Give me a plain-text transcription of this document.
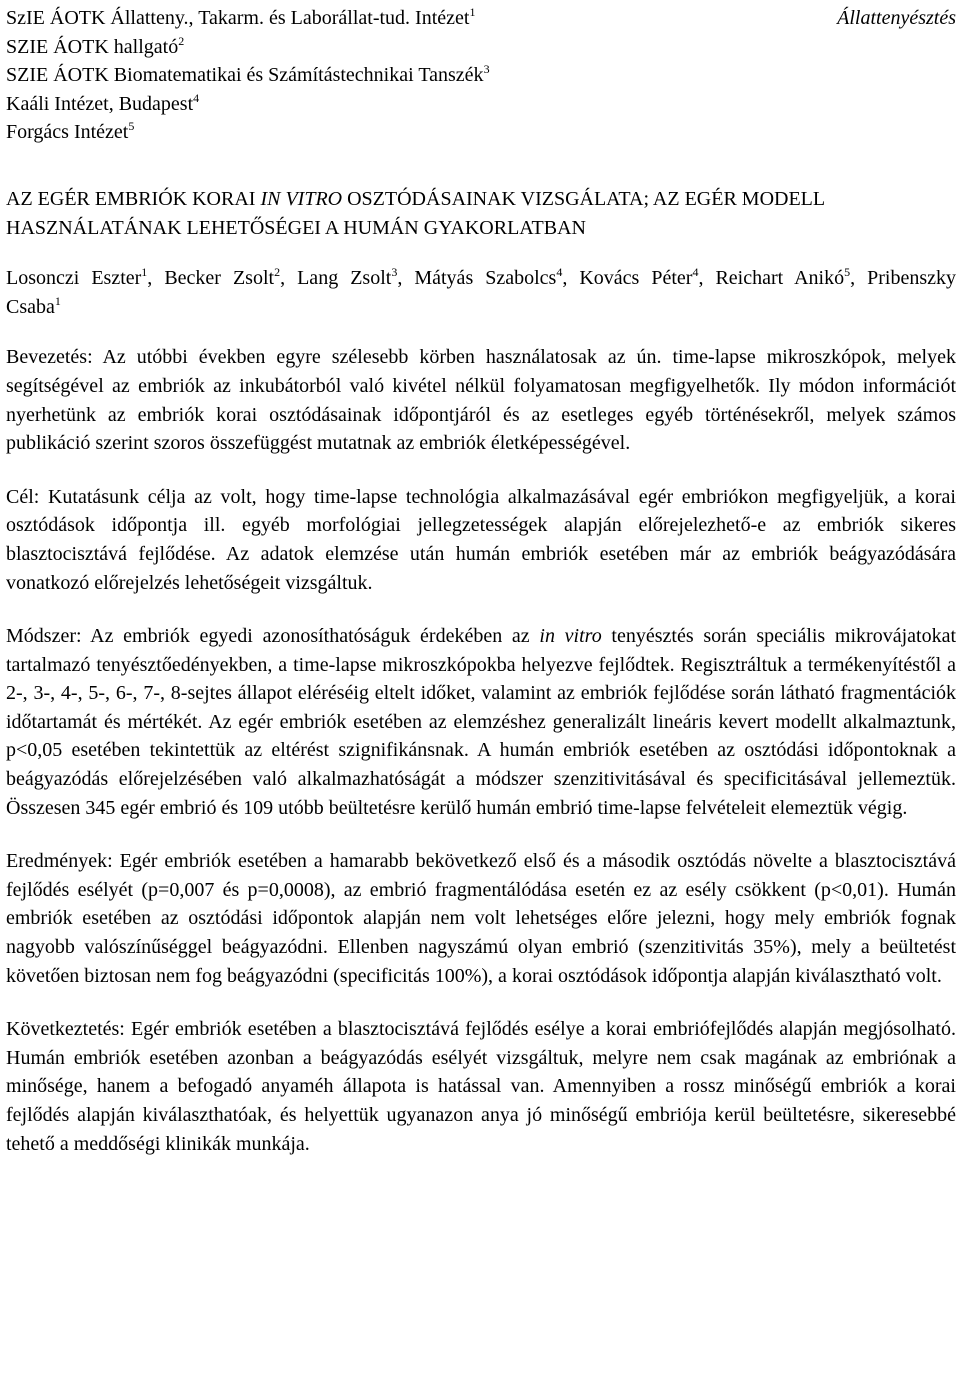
SzIE ÁOTK Állatteny., Takarm. és Laborállat-tud. Intézet$^1$
SZIE ÁOTK hallgató$^2$
SZIE ÁOTK Biomatematikai és Számítástechnikai Tanszék$^3$
Kaáli Intézet, Budapest$^4$
Forgács Intézet$^5$
AZ EGÉR EMBRIÓK KORAI IN VITRO OSZTÓDÁSAINAK VIZSGÁLATA; AZ EGÉR MODELL HASZNÁLATÁNAK LEHETŐSÉGEI A HUMÁN GYAKORLATBAN
Losonczi Eszter$^1$, Becker Zsolt$^2$, Lang Zsolt$^3$, Mátyás Szabolcs$^4$, Kovács Péter$^4$, Reichart Anikó$^5$, Pribenszky Csaba$^1$

Bevezetés: Az utóbbi években egyre szélesebb körben használatosak az ún. time-lapse mikroszkópok, melyek segítségével az embriók az inkubátorból való kivétel nélkül folyamatosan megfigyelhetők. Ily módon információt nyerhetünk az embriók korai osztódásainak időpontjáról és az esetleges egyéb történésekről, melyek számos publikáció szerint szoros összefüggést mutatnak az embriók életképességével.

Cél: Kutatásunk célja az volt, hogy time-lapse technológia alkalmazásával egér embriókon megfigyeljük, a korai osztódások időpontja ill. egyéb morfológiai jellegzetességek alapján előrejelezhető-e az embriók sikeres blasztocisztává fejlődése. Az adatok elemzése után humán embriók esetében már az embriók beágyazódására vonatkozó előrejelzés lehetőségeit vizsgáltuk.

Módszer: Az embriók egyedi azonosíthatóságuk érdekében az in vitro tenyésztés során speciális mikrovájatokat tartalmazó tenyésztőedényekben, a time-lapse mikroszkópokba helyezve fejlődtek. Regisztráltuk a termékenyítéstől a 2-, 3-, 4-, 5-, 6-, 7-, 8-sejtes állapot eléréséig eltelt időket, valamint az embriók fejlődése során látható fragmentációk időtartamát és mértékét. Az egér embriók esetében az elemzéshez generalizált lineáris kevert modellt alkalmaztunk, p<0,05 esetében tekintettük az eltérést szignifikánsnak. A humán embriók esetében az osztódási időpontoknak a beágyazódás előrejelzésében való alkalmazhatóságát a módszer szenzitivitásával és specificitásával jellemeztük. Összesen 345 egér embrió és 109 utóbb beültetésre kerülő humán embrió time-lapse felvételeit elemeztük végig.

Eredmények: Egér embriók esetében a hamarabb bekövetkező első és a második osztódás növelte a blasztocisztává fejlődés esélyét (p=0,007 és p=0,0008), az embrió fragmentálódása esetén ez az esély csökkent (p<0,01). Humán embriók esetében az osztódási időpontok alapján nem volt lehetséges előre jelezni, hogy mely embriók fognak nagyobb valószínűséggel beágyazódni. Ellenben nagyszámú olyan embrió (szenzitivitás 35%), mely a beültetést követően biztosan nem fog beágyazódni (specificitás 100%), a korai osztódások időpontja alapján kiválasztható volt.

Következtetés: Egér embriók esetében a blasztocisztává fejlődés esélye a korai embriófejlődés alapján megjósolható. Humán embriók esetében azonban a beágyazódás esélyét vizsgáltuk, melyre nem csak magának az embriónak a minősége, hanem a befogadó anyaméh állapota is hatással van. Amennyiben a rossz minőségű embriók a korai fejlődés alapján kiválaszthatóak, és helyettük ugyanazon anya jó minőségű embriója kerül beültetésre, sikeresebbé tehető a meddőségi klinikák munkája.

Állattenyésztés
